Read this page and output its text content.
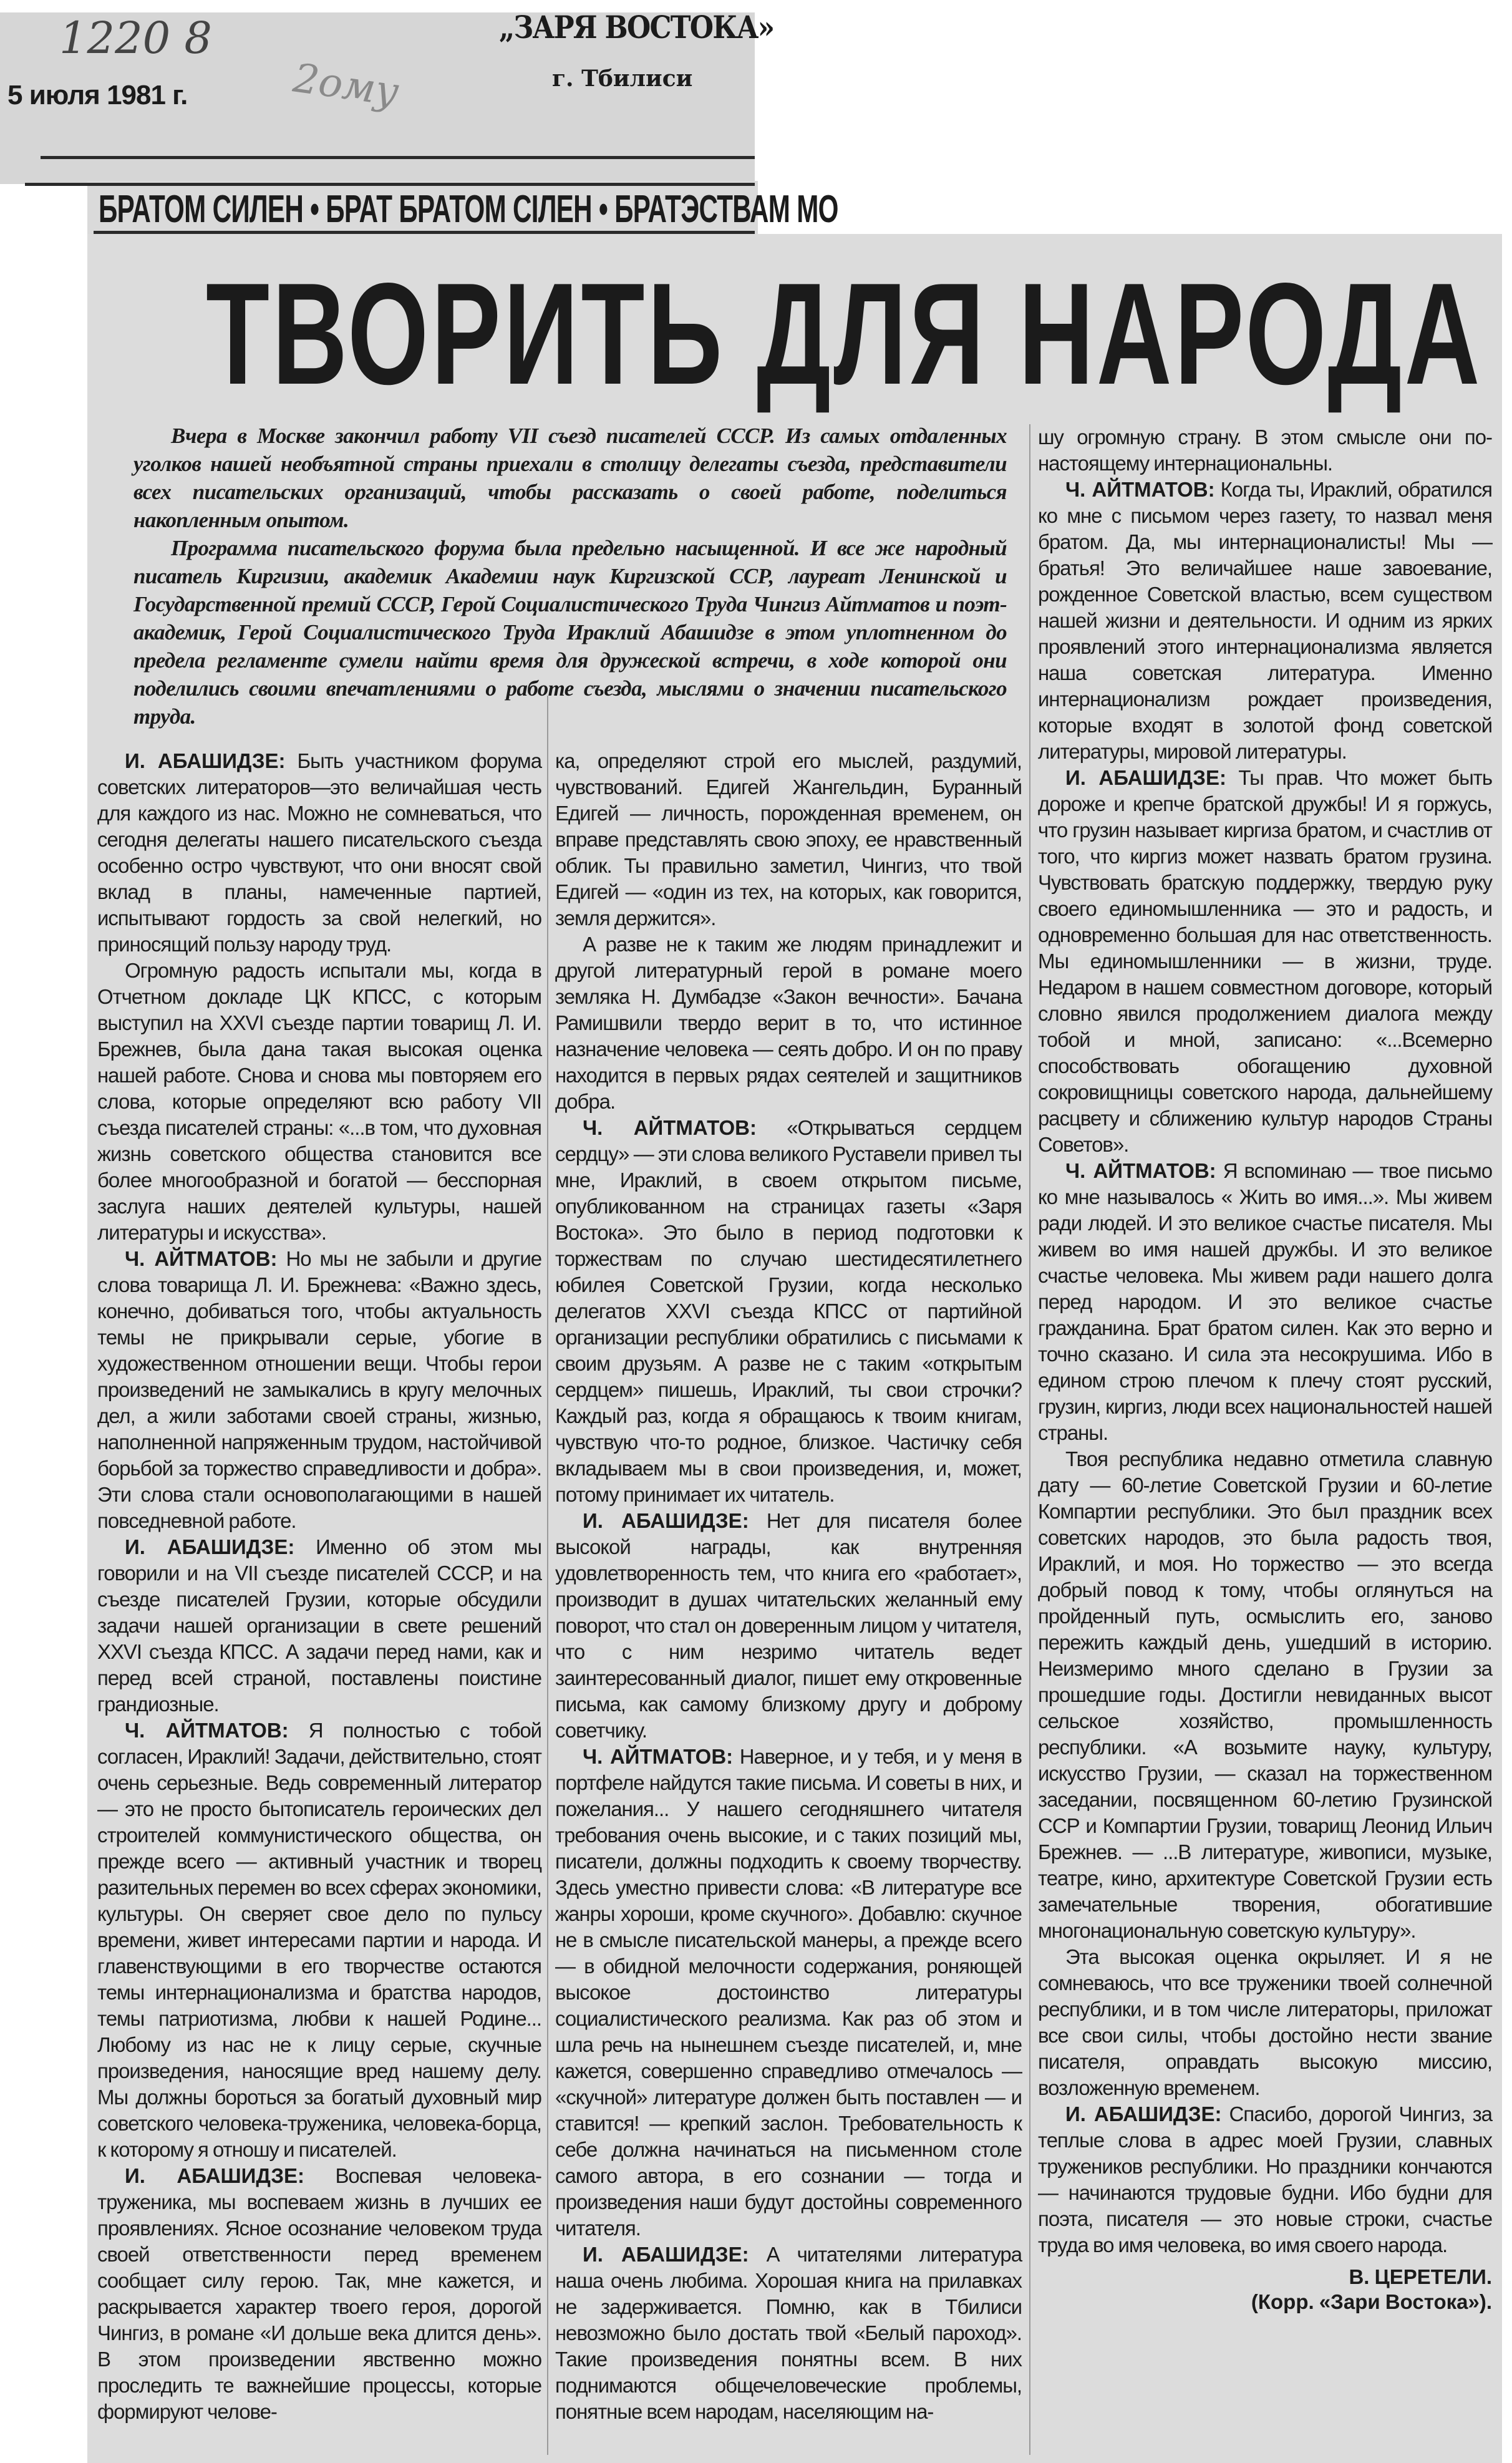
1220 8
2ому
5 июля 1981 г.
„ЗАРЯ ВОСТОКА»
г. Тбилиси
БРАТОМ СИЛЕН • БРАТ БРАТОМ СІЛЕН • БРАТЭСТВАМ МО
ТВОРИТЬ ДЛЯ НАРОДА

Вчера в Москве закончил работу VII съезд писателей СССР. Из самых отдаленных уголков нашей необъятной страны приехали в столицу делегаты съезда, представители всех писательских организаций, чтобы рассказать о своей работе, поделиться накопленным опытом.

Программа писательского форума была предельно насыщенной. И все же народный писатель Киргизии, академик Академии наук Киргизской ССР, лауреат Ленинской и Государственной премий СССР, Герой Социалистического Труда Чингиз Айтматов и поэт-академик, Герой Социалистического Труда Ираклий Абашидзе в этом уплотненном до предела регламенте сумели найти время для дружеской встречи, в ходе которой они поделились своими впечатлениями о работе съезда, мыслями о значении писательского труда.

И. АБАШИДЗЕ: Быть участником форума советских литераторов—это величайшая честь для каждого из нас. Можно не сомневаться, что сегодня делегаты нашего писательского съезда особенно остро чувствуют, что они вносят свой вклад в планы, намеченные партией, испытывают гордость за свой нелегкий, но приносящий пользу народу труд.

Огромную радость испытали мы, когда в Отчетном докладе ЦК КПСС, с которым выступил на XXVI съезде партии товарищ Л. И. Брежнев, была дана такая высокая оценка нашей работе. Снова и снова мы повторяем его слова, которые определяют всю работу VII съезда писателей страны: «...в том, что духовная жизнь советского общества становится все более многообразной и богатой — бесспорная заслуга наших деятелей культуры, нашей литературы и искусства».

Ч. АЙТМАТОВ: Но мы не забыли и другие слова товарища Л. И. Брежнева: «Важно здесь, конечно, добиваться того, чтобы актуальность темы не прикрывали серые, убогие в художественном отношении вещи. Чтобы герои произведений не замыкались в кругу мелочных дел, а жили заботами своей страны, жизнью, наполненной напряженным трудом, настойчивой борьбой за торжество справедливости и добра». Эти слова стали основополагающими в нашей повседневной работе.

И. АБАШИДЗЕ: Именно об этом мы говорили и на VII съезде писателей СССР, и на съезде писателей Грузии, которые обсудили задачи нашей организации в свете решений XXVI съезда КПСС. А задачи перед нами, как и перед всей страной, поставлены поистине грандиозные.

Ч. АЙТМАТОВ: Я полностью с тобой согласен, Ираклий! Задачи, действительно, стоят очень серьезные. Ведь современный литератор — это не просто бытописатель героических дел строителей коммунистического общества, он прежде всего — активный участник и творец разительных перемен во всех сферах экономики, культуры. Он сверяет свое дело по пульсу времени, живет интересами партии и народа. И главенствующими в его творчестве остаются темы интернационализма и братства народов, темы патриотизма, любви к нашей Родине... Любому из нас не к лицу серые, скучные произведения, наносящие вред нашему делу. Мы должны бороться за богатый духовный мир советского человека-труженика, человека-борца, к которому я отношу и писателей.

И. АБАШИДЗЕ: Воспевая человека-труженика, мы воспеваем жизнь в лучших ее проявлениях. Ясное осознание человеком труда своей ответственности перед временем сообщает силу герою. Так, мне кажется, и раскрывается характер твоего героя, дорогой Чингиз, в романе «И дольше века длится день». В этом произведении явственно можно проследить те важнейшие процессы, которые формируют челове-

ка, определяют строй его мыслей, раздумий, чувствований. Едигей Жангельдин, Буранный Едигей — личность, порожденная временем, он вправе представлять свою эпоху, ее нравственный облик. Ты правильно заметил, Чингиз, что твой Едигей — «один из тех, на которых, как говорится, земля держится».

А разве не к таким же людям принадлежит и другой литературный герой в романе моего земляка Н. Думбадзе «Закон вечности». Бачана Рамишвили твердо верит в то, что истинное назначение человека — сеять добро. И он по праву находится в первых рядах сеятелей и защитников добра.

Ч. АЙТМАТОВ: «Открываться сердцем сердцу» — эти слова великого Руставели привел ты мне, Ираклий, в своем открытом письме, опубликованном на страницах газеты «Заря Востока». Это было в период подготовки к торжествам по случаю шестидесятилетнего юбилея Советской Грузии, когда несколько делегатов XXVI съезда КПСС от партийной организации республики обратились с письмами к своим друзьям. А разве не с таким «открытым сердцем» пишешь, Ираклий, ты свои строчки? Каждый раз, когда я обращаюсь к твоим книгам, чувствую что-то родное, близкое. Частичку себя вкладываем мы в свои произведения, и, может, потому принимает их читатель.

И. АБАШИДЗЕ: Нет для писателя более высокой награды, как внутренняя удовлетворенность тем, что книга его «работает», производит в душах читательских желанный ему поворот, что стал он доверенным лицом у читателя, что с ним незримо читатель ведет заинтересованный диалог, пишет ему откровенные письма, как самому близкому другу и доброму советчику.

Ч. АЙТМАТОВ: Наверное, и у тебя, и у меня в портфеле найдутся такие письма. И советы в них, и пожелания... У нашего сегодняшнего читателя требования очень высокие, и с таких позиций мы, писатели, должны подходить к своему творчеству. Здесь уместно привести слова: «В литературе все жанры хороши, кроме скучного». Добавлю: скучное не в смысле писательской манеры, а прежде всего — в обидной мелочности содержания, роняющей высокое достоинство литературы социалистического реализма. Как раз об этом и шла речь на нынешнем съезде писателей, и, мне кажется, совершенно справедливо отмечалось — «скучной» литературе должен быть поставлен — и ставится! — крепкий заслон. Требовательность к себе должна начинаться на письменном столе самого автора, в его сознании — тогда и произведения наши будут достойны современного читателя.

И. АБАШИДЗЕ: А читателями литература наша очень любима. Хорошая книга на прилавках не задерживается. Помню, как в Тбилиси невозможно было достать твой «Белый пароход». Такие произведения понятны всем. В них поднимаются общечеловеческие проблемы, понятные всем народам, населяющим на-

шу огромную страну. В этом смысле они по-настоящему интернациональны.

Ч. АЙТМАТОВ: Когда ты, Ираклий, обратился ко мне с письмом через газету, то назвал меня братом. Да, мы интернационалисты! Мы — братья! Это величайшее наше завоевание, рожденное Советской властью, всем существом нашей жизни и деятельности. И одним из ярких проявлений этого интернационализма является наша советская литература. Именно интернационализм рождает произведения, которые входят в золотой фонд советской литературы, мировой литературы.

И. АБАШИДЗЕ: Ты прав. Что может быть дороже и крепче братской дружбы! И я горжусь, что грузин называет киргиза братом, и счастлив от того, что киргиз может назвать братом грузина. Чувствовать братскую поддержку, твердую руку своего единомышленника — это и радость, и одновременно большая для нас ответственность. Мы единомышленники — в жизни, труде. Недаром в нашем совместном договоре, который словно явился продолжением диалога между тобой и мной, записано: «...Всемерно способствовать обогащению духовной сокровищницы советского народа, дальнейшему расцвету и сближению культур народов Страны Советов».

Ч. АЙТМАТОВ: Я вспоминаю — твое письмо ко мне называлось « Жить во имя...». Мы живем ради людей. И это великое счастье писателя. Мы живем во имя нашей дружбы. И это великое счастье человека. Мы живем ради нашего долга перед народом. И это великое счастье гражданина. Брат братом силен. Как это верно и точно сказано. И сила эта несокрушима. Ибо в едином строю плечом к плечу стоят русский, грузин, киргиз, люди всех национальностей нашей страны.

Твоя республика недавно отметила славную дату — 60-летие Советской Грузии и 60-летие Компартии республики. Это был праздник всех советских народов, это была радость твоя, Ираклий, и моя. Но торжество — это всегда добрый повод к тому, чтобы оглянуться на пройденный путь, осмыслить его, заново пережить каждый день, ушедший в историю. Неизмеримо много сделано в Грузии за прошедшие годы. Достигли невиданных высот сельское хозяйство, промышленность республики. «А возьмите науку, культуру, искусство Грузии, — сказал на торжественном заседании, посвященном 60-летию Грузинской ССР и Компартии Грузии, товарищ Леонид Ильич Брежнев. — ...В литературе, живописи, музыке, театре, кино, архитектуре Советской Грузии есть замечательные творения, обогатившие многонациональную советскую культуру».

Эта высокая оценка окрыляет. И я не сомневаюсь, что все труженики твоей солнечной республики, и в том числе литераторы, приложат все свои силы, чтобы достойно нести звание писателя, оправдать высокую миссию, возложенную временем.

И. АБАШИДЗЕ: Спасибо, дорогой Чингиз, за теплые слова в адрес моей Грузии, славных тружеников республики. Но праздники кончаются — начинаются трудовые будни. Ибо будни для поэта, писателя — это новые строки, счастье труда во имя человека, во имя своего народа.

В. ЦЕРЕТЕЛИ.
(Корр. «Зари Востока»).
